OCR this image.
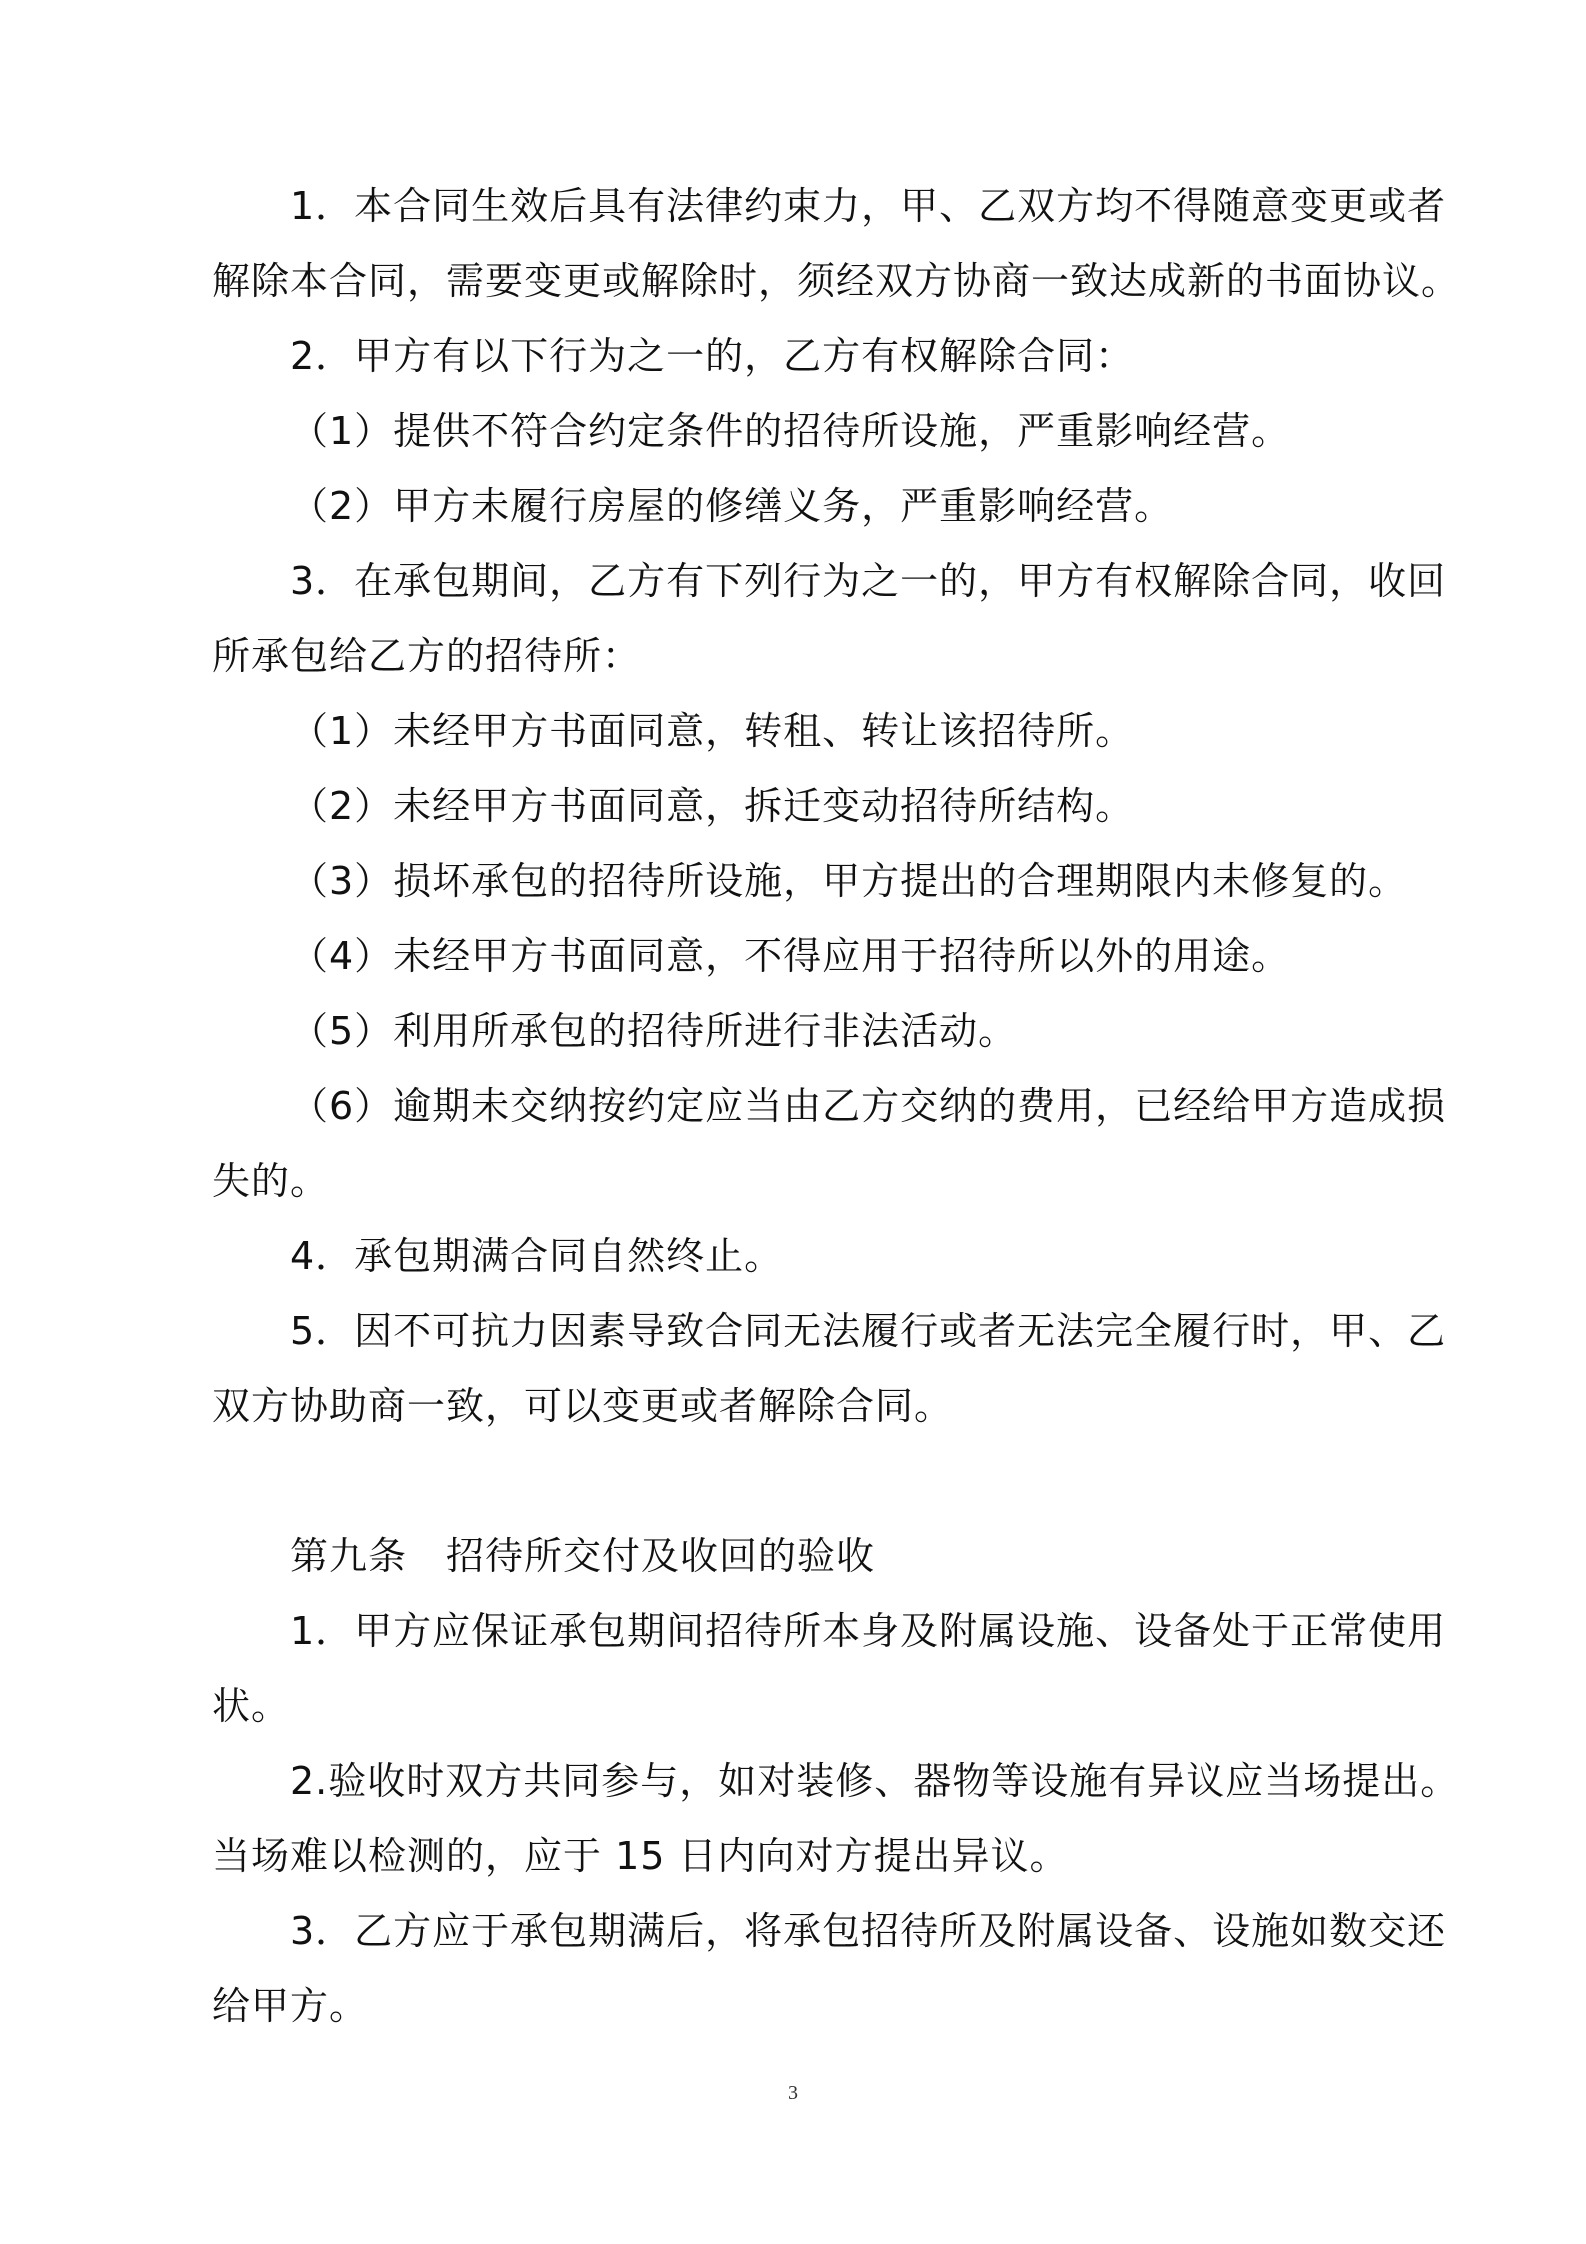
1．本合同生效后具有法律约束力，甲、乙双方均不得随意变更或者
解除本合同，需要变更或解除时，须经双方协商一致达成新的书面协议。
2．甲方有以下行为之一的，乙方有权解除合同：
（1）提供不符合约定条件的招待所设施，严重影响经营。
（2）甲方未履行房屋的修缮义务，严重影响经营。
3．在承包期间，乙方有下列行为之一的，甲方有权解除合同，收回
所承包给乙方的招待所：
（1）未经甲方书面同意，转租、转让该招待所。
（2）未经甲方书面同意，拆迁变动招待所结构。
（3）损坏承包的招待所设施，甲方提出的合理期限内未修复的。
（4）未经甲方书面同意，不得应用于招待所以外的用途。
（5）利用所承包的招待所进行非法活动。
（6）逾期未交纳按约定应当由乙方交纳的费用，已经给甲方造成损
失的。
4．承包期满合同自然终止。
5．因不可抗力因素导致合同无法履行或者无法完全履行时，甲、乙
双方协助商一致，可以变更或者解除合同。
第九条　招待所交付及收回的验收
1．甲方应保证承包期间招待所本身及附属设施、设备处于正常使用
状。
2.验收时双方共同参与，如对装修、器物等设施有异议应当场提出。
当场难以检测的，应于 15 日内向对方提出异议。
3．乙方应于承包期满后，将承包招待所及附属设备、设施如数交还
给甲方。
3
